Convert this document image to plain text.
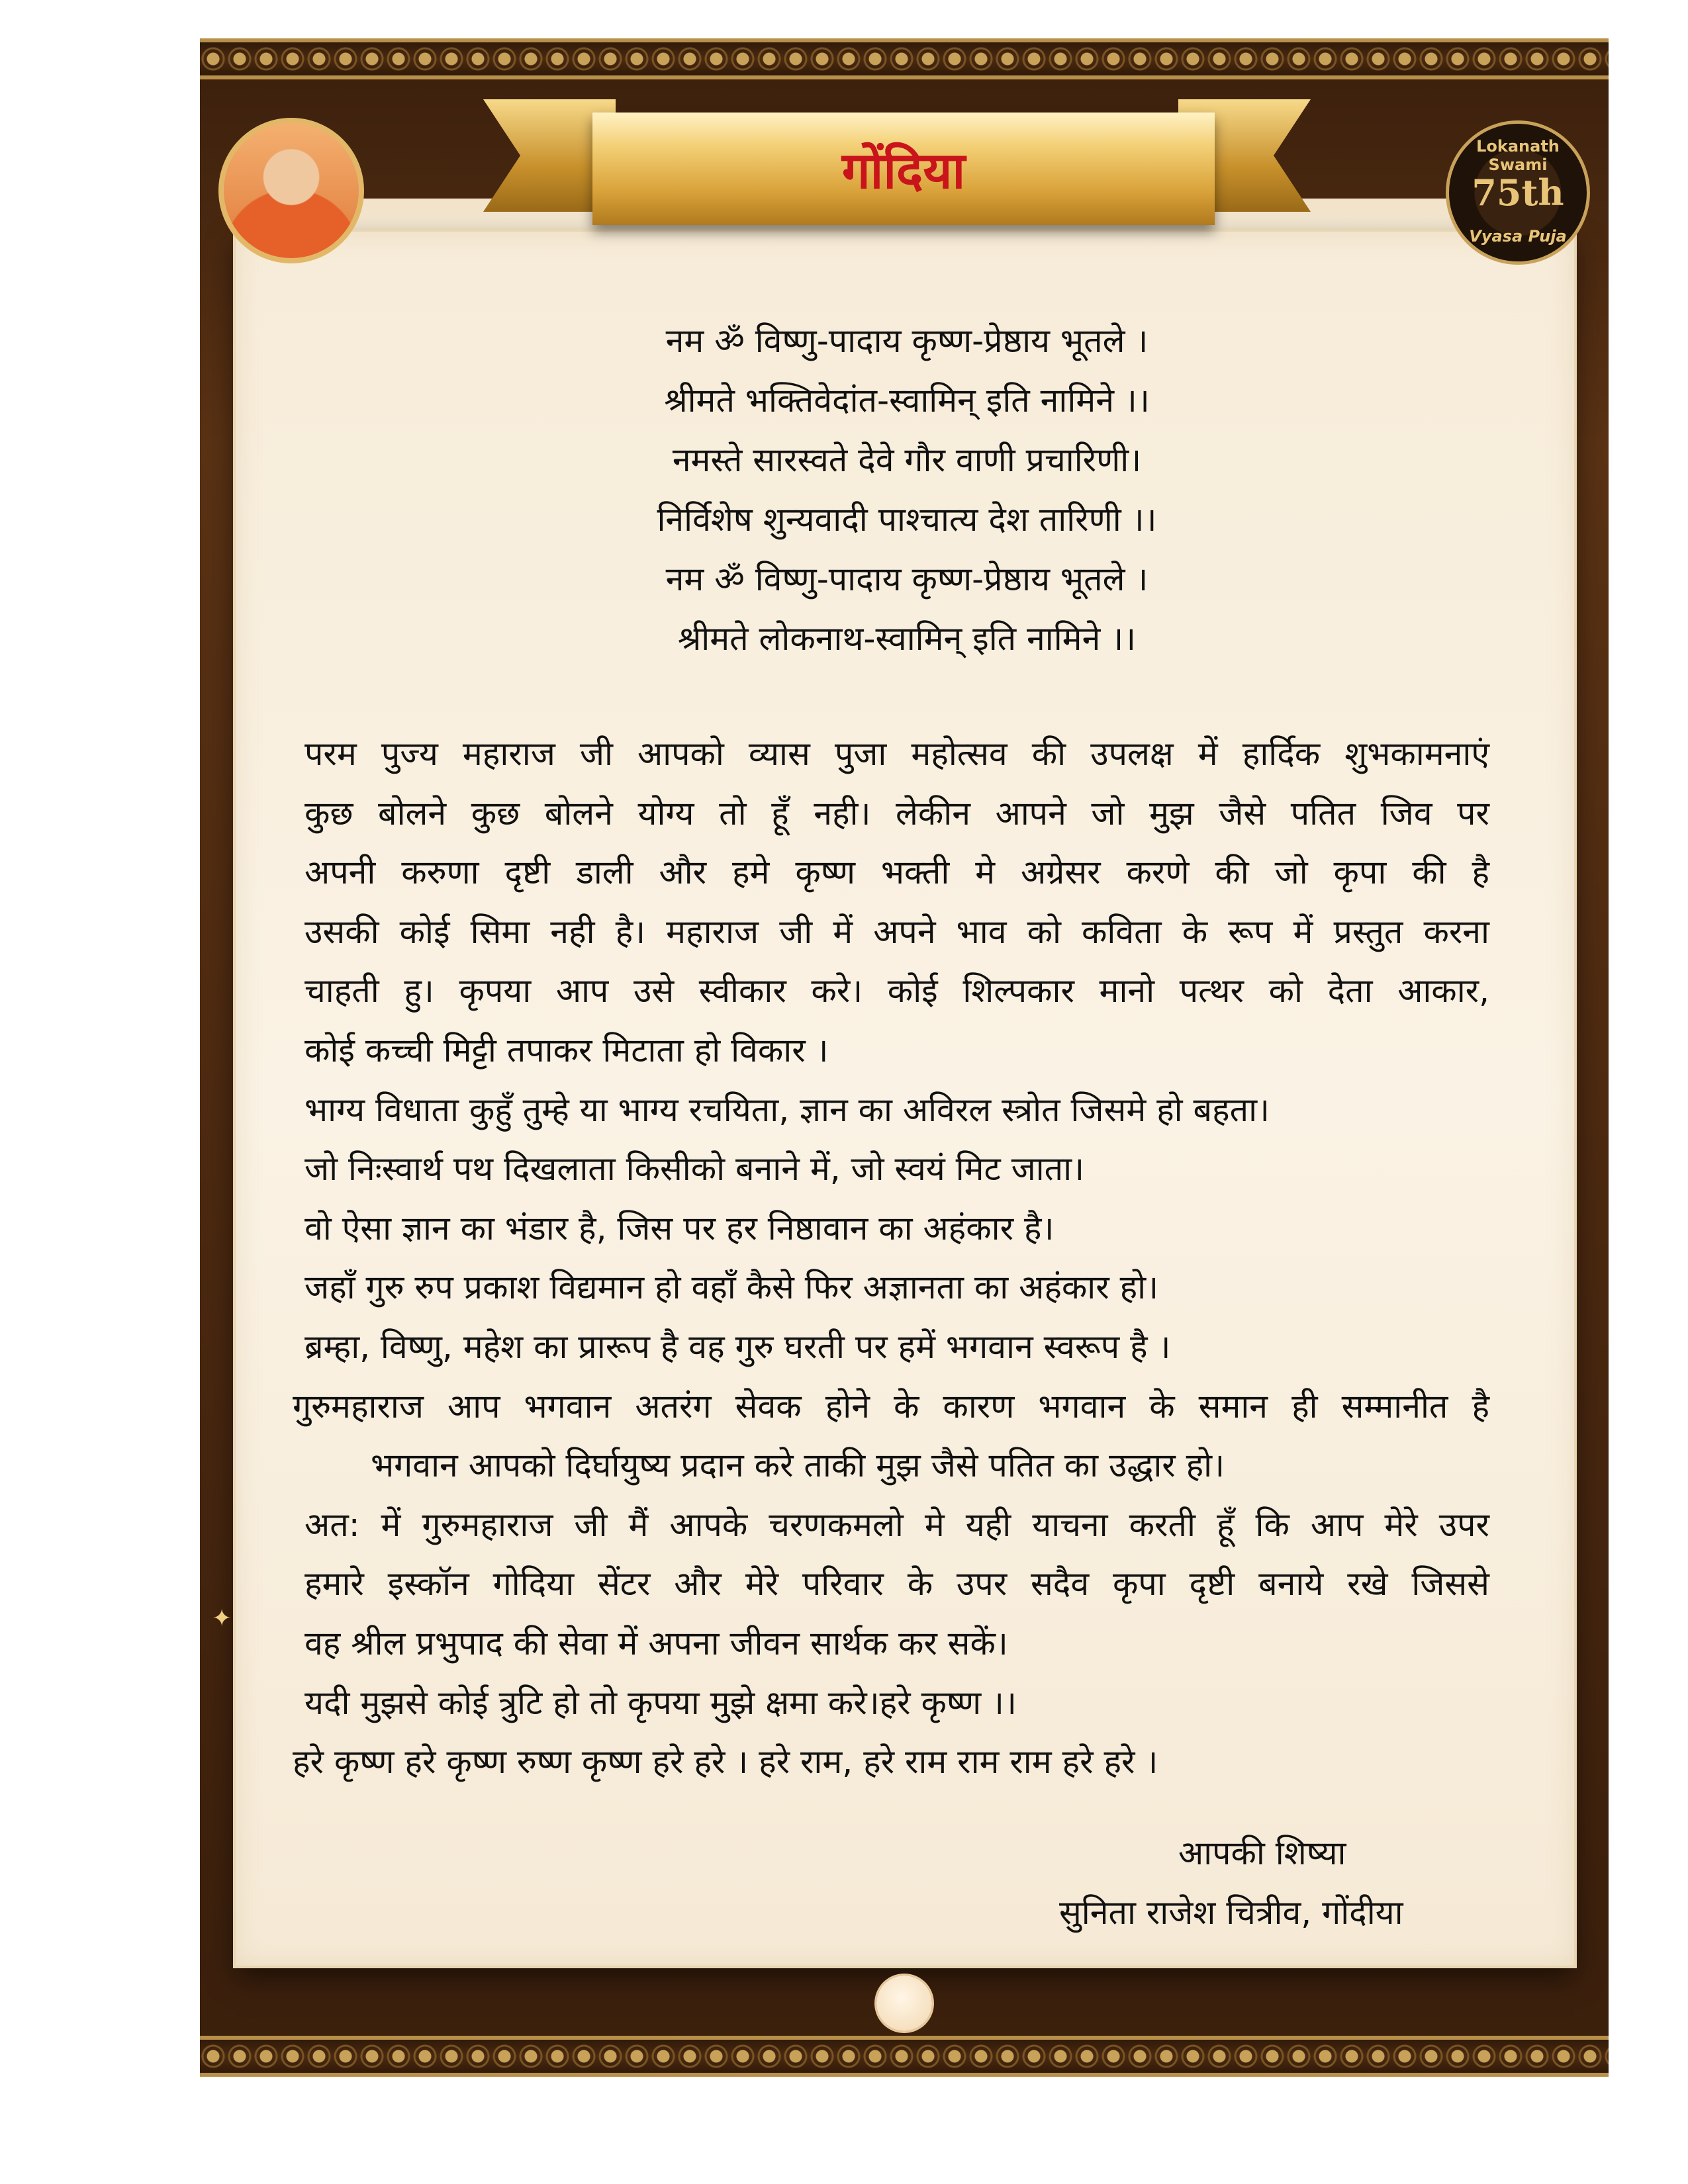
गोंदिया	Lokanath Swami
75th
Vyasa Puja
नम ॐ विष्णु-पादाय कृष्ण-प्रेष्ठाय भूतले ।
श्रीमते भक्तिवेदांत-स्वामिन् इति नामिने ।।
नमस्ते सारस्वते देवे गौर वाणी प्रचारिणी।
निर्विशेष शुन्यवादी पाश्चात्य देश तारिणी ।।
नम ॐ विष्णु-पादाय कृष्ण-प्रेष्ठाय भूतले ।
श्रीमते लोकनाथ-स्वामिन् इति नामिने ।।
परम पुज्य महाराज जी आपको व्यास पुजा महोत्सव की उपलक्ष में हार्दिक शुभकामनाएं
कुछ बोलने कुछ बोलने योग्य तो हूँ नही। लेकीन आपने जो मुझ जैसे पतित जिव पर
अपनी करुणा दृष्टी डाली और हमे कृष्ण भक्ती मे अग्रेसर करणे की जो कृपा की है
उसकी कोई सिमा नही है। महाराज जी में अपने भाव को कविता के रूप में प्रस्तुत करना
चाहती हु। कृपया आप उसे स्वीकार करे। कोई शिल्पकार मानो पत्थर को देता आकार,
कोई कच्ची मिट्टी तपाकर मिटाता हो विकार ।
भाग्य विधाता कुहुँ तुम्हे या भाग्य रचयिता, ज्ञान का अविरल स्त्रोत जिसमे हो बहता।
जो निःस्वार्थ पथ दिखलाता किसीको बनाने में, जो स्वयं मिट जाता।
वो ऐसा ज्ञान का भंडार है, जिस पर हर निष्ठावान का अहंकार है।
जहाँ गुरु रुप प्रकाश विद्यमान हो वहाँ कैसे फिर अज्ञानता का अहंकार हो।
ब्रम्हा, विष्णु, महेश का प्रारूप है वह गुरु घरती पर हमें भगवान स्वरूप है ।
गुरुमहाराज आप भगवान अतरंग सेवक होने के कारण भगवान के समान ही सम्मानीत है
भगवान आपको दिर्घायुष्य प्रदान करे ताकी मुझ जैसे पतित का उद्धार हो।
अत: में गुरुमहाराज जी मैं आपके चरणकमलो मे यही याचना करती हूँ कि आप मेरे उपर
हमारे इस्कॉन गोदिया सेंटर और मेरे परिवार के उपर सदैव कृपा दृष्टी बनाये रखे जिससे
वह श्रील प्रभुपाद की सेवा में अपना जीवन सार्थक कर सकें।
यदी मुझसे कोई त्रुटि हो तो कृपया मुझे क्षमा करे।हरे कृष्ण ।।
हरे कृष्ण हरे कृष्ण रुष्ण कृष्ण हरे हरे । हरे राम, हरे राम राम राम हरे हरे ।
आपकी शिष्या
सुनिता राजेश चित्रीव, गोंदीया
✦
